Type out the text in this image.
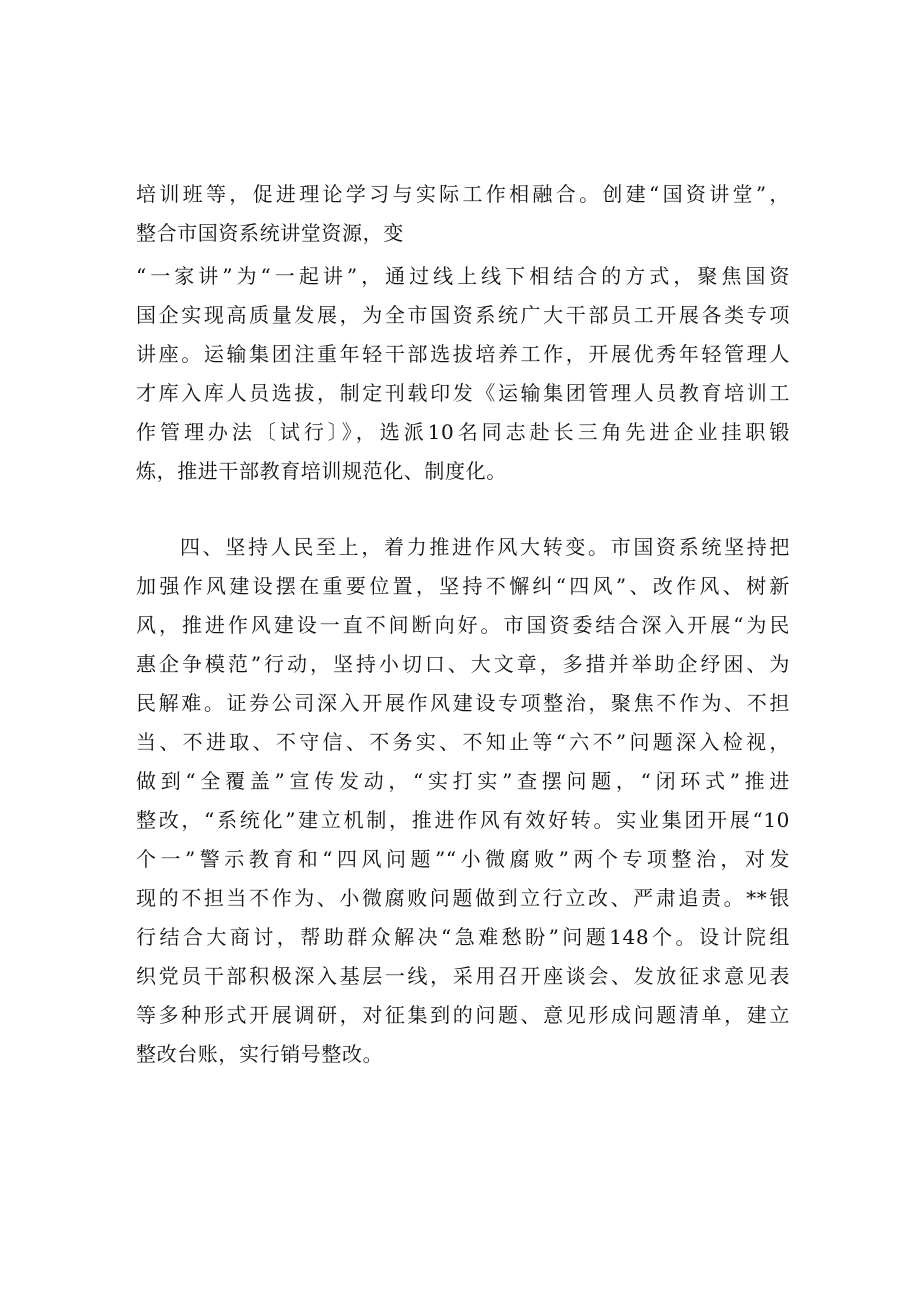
培训班等，促进理论学习与实际工作相融合。创建“国资讲堂”，
整合市国资系统讲堂资源，变
“一家讲”为“一起讲”，通过线上线下相结合的方式，聚焦国资
国企实现高质量发展，为全市国资系统广大干部员工开展各类专项
讲座。运输集团注重年轻干部选拔培养工作，开展优秀年轻管理人
才库入库人员选拔，制定刊载印发《运输集团管理人员教育培训工
作管理办法〔试行〕》，选派10名同志赴长三角先进企业挂职锻
炼，推进干部教育培训规范化、制度化。
四、坚持人民至上，着力推进作风大转变。市国资系统坚持把
加强作风建设摆在重要位置，坚持不懈纠“四风”、改作风、树新
风，推进作风建设一直不间断向好。市国资委结合深入开展“为民
惠企争模范”行动，坚持小切口、大文章，多措并举助企纾困、为
民解难。证券公司深入开展作风建设专项整治，聚焦不作为、不担
当、不进取、不守信、不务实、不知止等“六不”问题深入检视，
做到“全覆盖”宣传发动，“实打实”查摆问题，“闭环式”推进
整改，“系统化”建立机制，推进作风有效好转。实业集团开展“10
个一”警示教育和“四风问题”“小微腐败”两个专项整治，对发
现的不担当不作为、小微腐败问题做到立行立改、严肃追责。**银
行结合大商讨，帮助群众解决“急难愁盼”问题148个。设计院组
织党员干部积极深入基层一线，采用召开座谈会、发放征求意见表
等多种形式开展调研，对征集到的问题、意见形成问题清单，建立
整改台账，实行销号整改。
